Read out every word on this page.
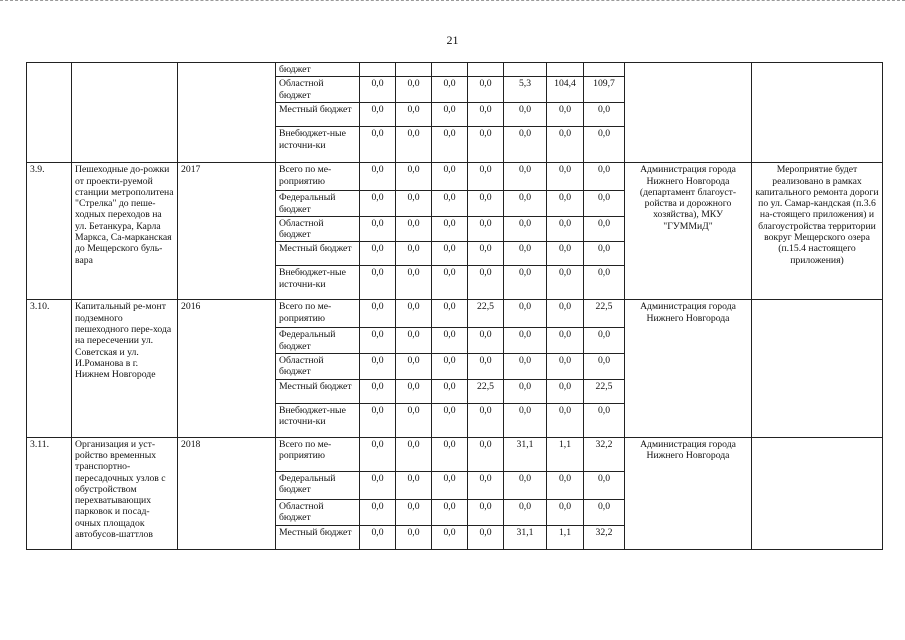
21
			бюджет									
			Областной бюджет	0,0	0,0	0,0	0,0	5,3	104,4	109,7		
			Местный бюджет	0,0	0,0	0,0	0,0	0,0	0,0	0,0		
			Внебюджет-ные источни-ки	0,0	0,0	0,0	0,0	0,0	0,0	0,0		
3.9.	Пешеходные до-рожки от проекти-руемой станции метрополитена "Стрелка" до пеше-ходных переходов на ул. Бетанкура, Карла Маркса, Са-марканская до Мещерского буль-вара	2017	Всего по ме-роприятию	0,0	0,0	0,0	0,0	0,0	0,0	0,0	Администрация города Нижнего Новгорода (департамент благоуст-ройства и дорожного хозяйства), МКУ "ГУММиД"	Мероприятие будет реализовано в рамках капитального ремонта дороги по ул. Самар-кандская (п.3.6 на-стоящего приложения) и благоустройства территории вокруг Мещерского озера (п.15.4 настоящего приложения)
			Федеральный бюджет	0,0	0,0	0,0	0,0	0,0	0,0	0,0		
			Областной бюджет	0,0	0,0	0,0	0,0	0,0	0,0	0,0		
			Местный бюджет	0,0	0,0	0,0	0,0	0,0	0,0	0,0		
			Внебюджет-ные источни-ки	0,0	0,0	0,0	0,0	0,0	0,0	0,0		
3.10.	Капитальный ре-монт подземного пешеходного пере-хода на пересечении ул. Советская и ул. И.Романова в г. Нижнем Новгороде	2016	Всего по ме-роприятию	0,0	0,0	0,0	22,5	0,0	0,0	22,5	Администрация города Нижнего Новгорода	
			Федеральный бюджет	0,0	0,0	0,0	0,0	0,0	0,0	0,0		
			Областной бюджет	0,0	0,0	0,0	0,0	0,0	0,0	0,0		
			Местный бюджет	0,0	0,0	0,0	22,5	0,0	0,0	22,5		
			Внебюджет-ные источни-ки	0,0	0,0	0,0	0,0	0,0	0,0	0,0		
3.11.	Организация и уст-ройство временных транспортно-пересадочных узлов с обустройством перехватывающих парковок и посад-очных площадок автобусов-шаттлов	2018	Всего по ме-роприятию	0,0	0,0	0,0	0,0	31,1	1,1	32,2	Администрация города Нижнего Новгорода	
			Федеральный бюджет	0,0	0,0	0,0	0,0	0,0	0,0	0,0		
			Областной бюджет	0,0	0,0	0,0	0,0	0,0	0,0	0,0		
			Местный бюджет	0,0	0,0	0,0	0,0	31,1	1,1	32,2		
